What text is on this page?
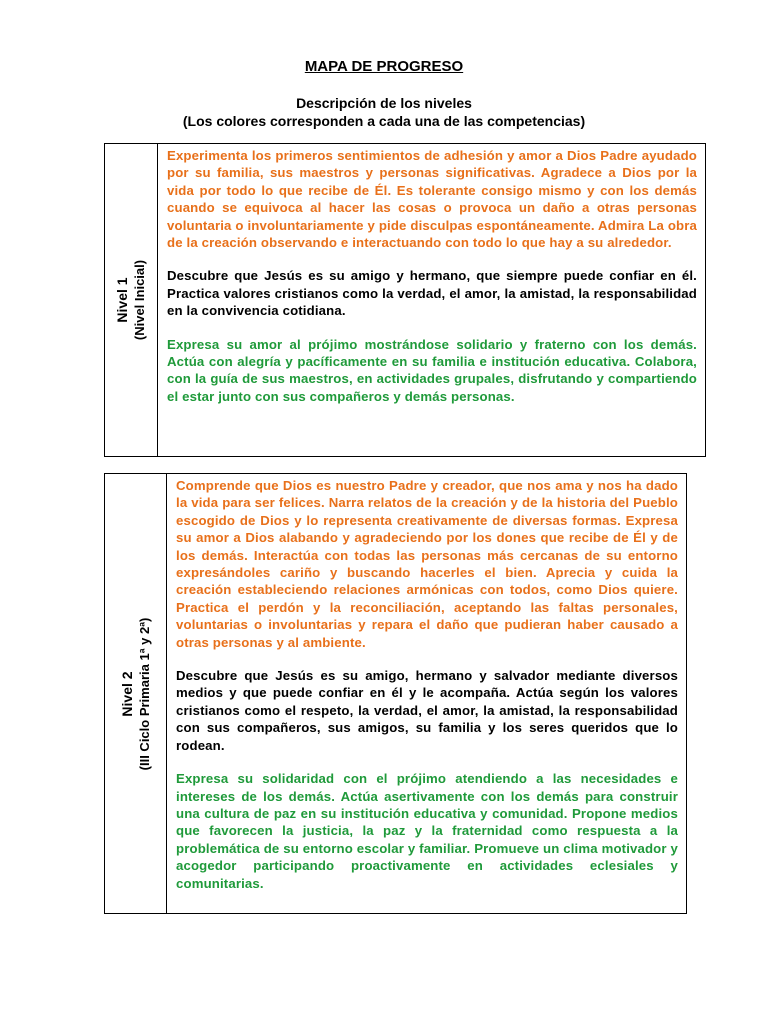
MAPA DE PROGRESO
Descripción de los niveles
(Los colores corresponden a cada una de las competencias)
Nivel 1 (Nivel Inicial)

Experimenta los primeros sentimientos de adhesión y amor a Dios Padre ayudado por su familia, sus maestros y personas significativas. Agradece a Dios por la vida por todo lo que recibe de Él. Es tolerante consigo mismo y con los demás cuando se equivoca al hacer las cosas o provoca un daño a otras personas voluntaria o involuntariamente y pide disculpas espontáneamente. Admira La obra de la creación observando e interactuando con todo lo que hay a su alrededor.

Descubre que Jesús es su amigo y hermano, que siempre puede confiar en él. Practica valores cristianos como la verdad, el amor, la amistad, la responsabilidad en la convivencia cotidiana.

Expresa su amor al prójimo mostrándose solidario y fraterno con los demás. Actúa con alegría y pacíficamente en su familia e institución educativa. Colabora, con la guía de sus maestros, en actividades grupales, disfrutando y compartiendo el estar junto con sus compañeros y demás personas.

Nivel 2 (III Ciclo Primaria 1ª y 2ª)

Comprende que Dios es nuestro Padre y creador, que nos ama y nos ha dado la vida para ser felices. Narra relatos de la creación y de la historia del Pueblo escogido de Dios y lo representa creativamente de diversas formas. Expresa su amor a Dios alabando y agradeciendo por los dones que recibe de Él y de los demás. Interactúa con todas las personas más cercanas de su entorno expresándoles cariño y buscando hacerles el bien. Aprecia y cuida la creación estableciendo relaciones armónicas con todos, como Dios quiere. Practica el perdón y la reconciliación, aceptando las faltas personales, voluntarias o involuntarias y repara el daño que pudieran haber causado a otras personas y al ambiente.

Descubre que Jesús es su amigo, hermano y salvador mediante diversos medios y que puede confiar en él y le acompaña. Actúa según los valores cristianos como el respeto, la verdad, el amor, la amistad, la responsabilidad con sus compañeros, sus amigos, su familia y los seres queridos que lo rodean.

Expresa su solidaridad con el prójimo atendiendo a las necesidades e intereses de los demás. Actúa asertivamente con los demás para construir una cultura de paz en su institución educativa y comunidad. Propone medios que favorecen la justicia, la paz y la fraternidad como respuesta a la problemática de su entorno escolar y familiar. Promueve un clima motivador y acogedor participando proactivamente en actividades eclesiales y comunitarias.
